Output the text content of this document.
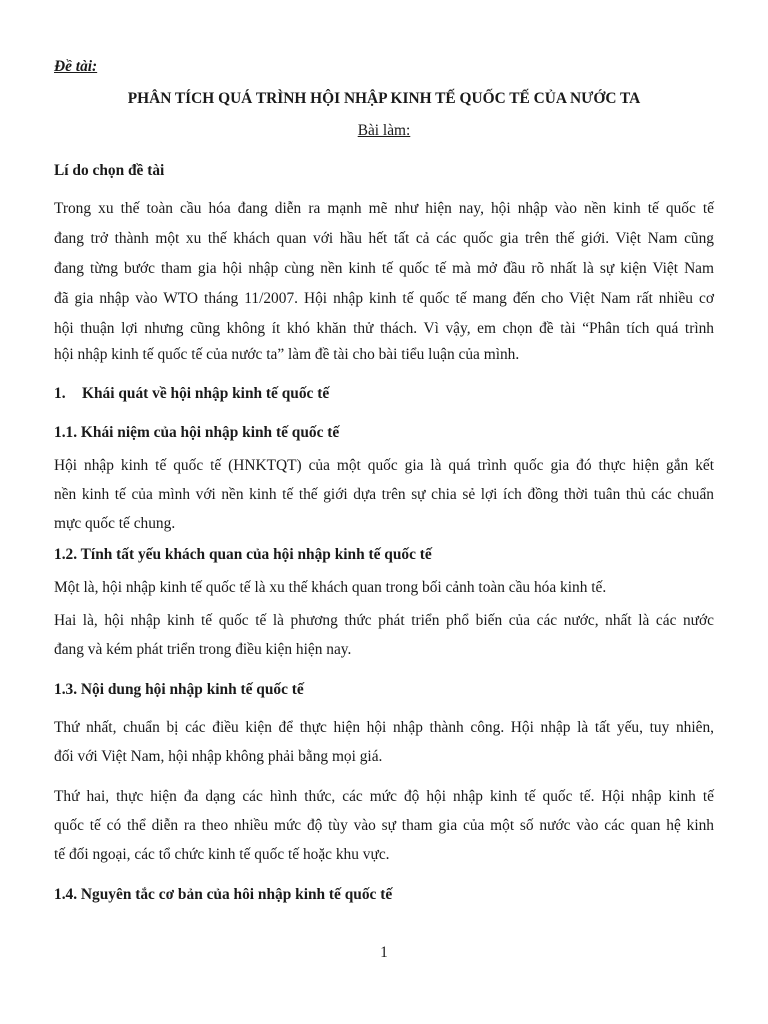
Đề tài:

PHÂN TÍCH QUÁ TRÌNH HỘI NHẬP KINH TẾ QUỐC TẾ CỦA NƯỚC TA

Bài làm:

Lí do chọn đề tài

Trong xu thế toàn cầu hóa đang diễn ra mạnh mẽ như hiện nay, hội nhập vào nền kinh tế quốc tế

đang trở thành một xu thế khách quan với hầu hết tất cả các quốc gia trên thế giới. Việt Nam cũng

đang từng bước tham gia hội nhập cùng nền kinh tế quốc tế mà mở đầu rõ nhất là sự kiện Việt Nam

đã gia nhập vào WTO tháng 11/2007. Hội nhập kinh tế quốc tế mang đến cho Việt Nam rất nhiều cơ

hội thuận lợi nhưng cũng không ít khó khăn thử thách. Vì vậy, em chọn đề tài “Phân tích quá trình

hội nhập kinh tế quốc tế của nước ta” làm đề tài cho bài tiểu luận của mình.

1. Khái quát về hội nhập kinh tế quốc tế

1.1. Khái niệm của hội nhập kinh tế quốc tế

Hội nhập kinh tế quốc tế (HNKTQT) của một quốc gia là quá trình quốc gia đó thực hiện gắn kết

nền kinh tế của mình với nền kinh tế thế giới dựa trên sự chia sẻ lợi ích đồng thời tuân thủ các chuẩn

mực quốc tế chung.

1.2. Tính tất yếu khách quan của hội nhập kinh tế quốc tế

Một là, hội nhập kinh tế quốc tế là xu thế khách quan trong bối cảnh toàn cầu hóa kinh tế.

Hai là, hội nhập kinh tế quốc tế là phương thức phát triển phổ biến của các nước, nhất là các nước

đang và kém phát triển trong điều kiện hiện nay.

1.3. Nội dung hội nhập kinh tế quốc tế

Thứ nhất, chuẩn bị các điều kiện để thực hiện hội nhập thành công. Hội nhập là tất yếu, tuy nhiên,

đối với Việt Nam, hội nhập không phải bằng mọi giá.

Thứ hai, thực hiện đa dạng các hình thức, các mức độ hội nhập kinh tế quốc tế. Hội nhập kinh tế

quốc tế có thể diễn ra theo nhiều mức độ tùy vào sự tham gia của một số nước vào các quan hệ kinh

tế đối ngoại, các tổ chức kinh tế quốc tế hoặc khu vực.

1.4. Nguyên tắc cơ bản của hôi nhập kinh tế quốc tế

1
